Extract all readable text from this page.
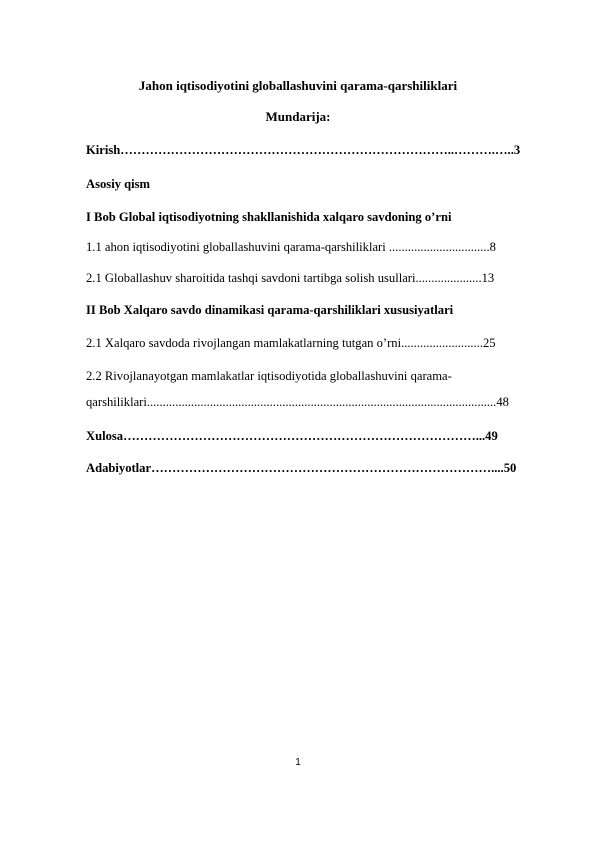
Jahon iqtisodiyotini globallashuvini qarama-qarshiliklari
Mundarija:
Kirish……………………………………………………………………..……….…..3
Asosiy qism
I Bob Global iqtisodiyotning shakllanishida xalqaro savdoning o’rni
1.1 ahon iqtisodiyotini globallashuvini qarama-qarshiliklari ................................8
2.1 Globallashuv sharoitida tashqi savdoni tartibga solish usullari.....................13
II Bob Xalqaro savdo dinamikasi qarama-qarshiliklari xususiyatlari
2.1 Xalqaro savdoda rivojlangan mamlakatlarning tutgan o’rni..........................25
2.2 Rivojlanayotgan mamlakatlar iqtisodiyotida globallashuvini qarama-
qarshiliklari...............................................................................................................48
Xulosa…………………………………………………………………………...49
Adabiyotlar………………………………………………………………………....50
1
